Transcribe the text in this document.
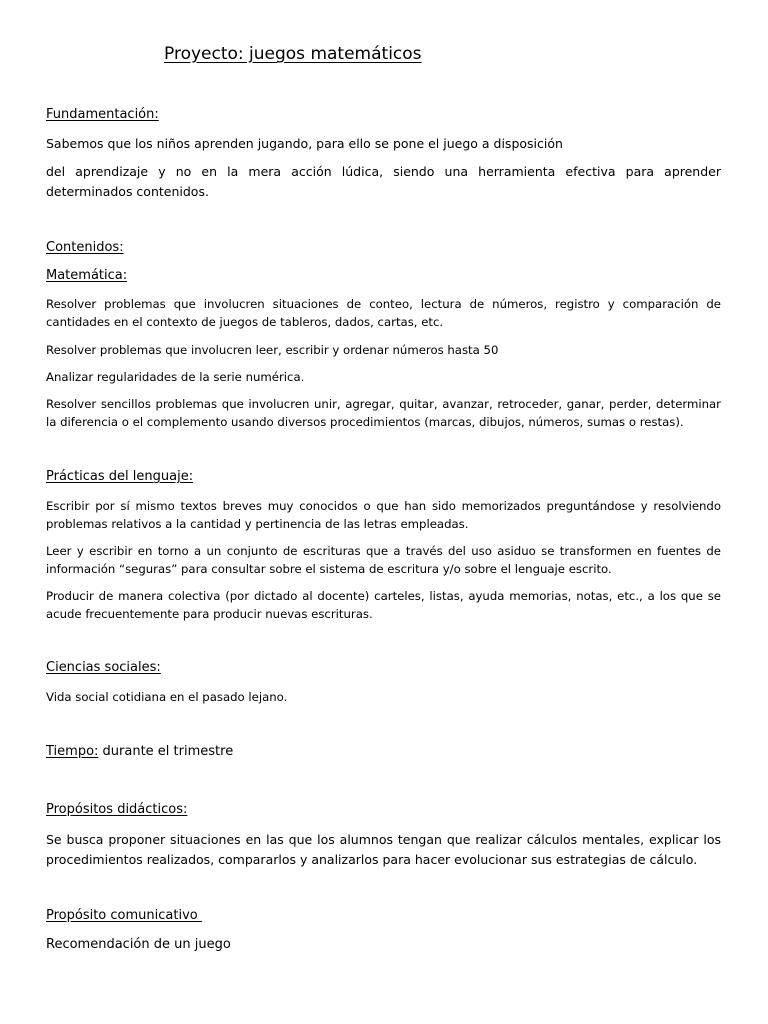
Proyecto: juegos matemáticos
Fundamentación:
Sabemos que los niños aprenden jugando, para ello se pone el juego a disposición
del aprendizaje y no en la mera acción lúdica, siendo una herramienta efectiva para aprender determinados contenidos.
Contenidos:
Matemática:
Resolver problemas que involucren situaciones de conteo, lectura de números, registro y comparación de cantidades en el contexto de juegos de tableros, dados, cartas, etc.
Resolver problemas que involucren leer, escribir y ordenar números hasta 50
Analizar regularidades de la serie numérica.
Resolver sencillos problemas que involucren unir, agregar, quitar, avanzar, retroceder, ganar, perder, determinar la diferencia o el complemento usando diversos procedimientos (marcas, dibujos, números, sumas o restas).
Prácticas del lenguaje:
Escribir por sí mismo textos breves muy conocidos o que han sido memorizados preguntándose y resolviendo problemas relativos a la cantidad y pertinencia de las letras empleadas.
Leer y escribir en torno a un conjunto de escrituras que a través del uso asiduo se transformen en fuentes de información “seguras” para consultar sobre el sistema de escritura y/o sobre el lenguaje escrito.
Producir de manera colectiva (por dictado al docente) carteles, listas, ayuda memorias, notas, etc., a los que se acude frecuentemente para producir nuevas escrituras.
Ciencias sociales:
Vida social cotidiana en el pasado lejano.
Tiempo: durante el trimestre
Propósitos didácticos:
Se busca proponer situaciones en las que los alumnos tengan que realizar cálculos mentales, explicar los procedimientos realizados, compararlos y analizarlos para hacer evolucionar sus estrategias de cálculo.
Propósito comunicativo
Recomendación de un juego
